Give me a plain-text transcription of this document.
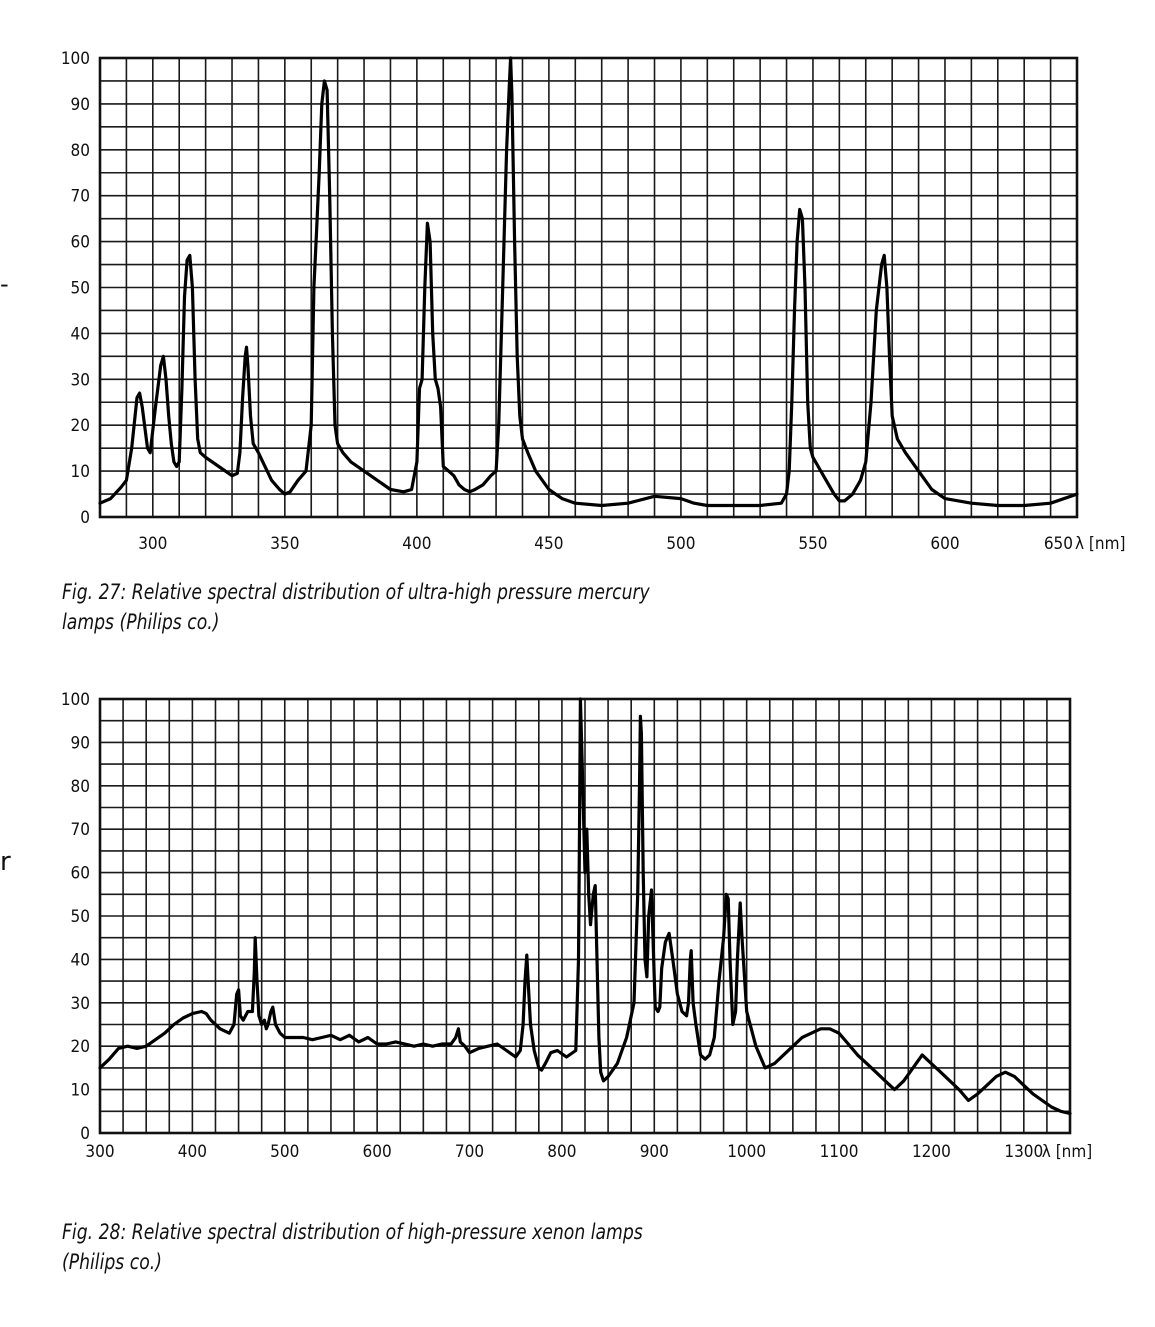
0
10
20
30
40
50
60
70
80
90
100
300	350	400	450	500	550	600	650 λ [nm]
0
10
20
30
40
50
60
70
80
90
100
300	400	500	600	700	800	900	1000	1100	1200	1300
λ [nm]
Fig. 27: Relative spectral distribution of ultra-high pressure mercury
lamps (Philips co.)
Fig. 28: Relative spectral distribution of high-pressure xenon lamps
(Philips co.)
-
r
